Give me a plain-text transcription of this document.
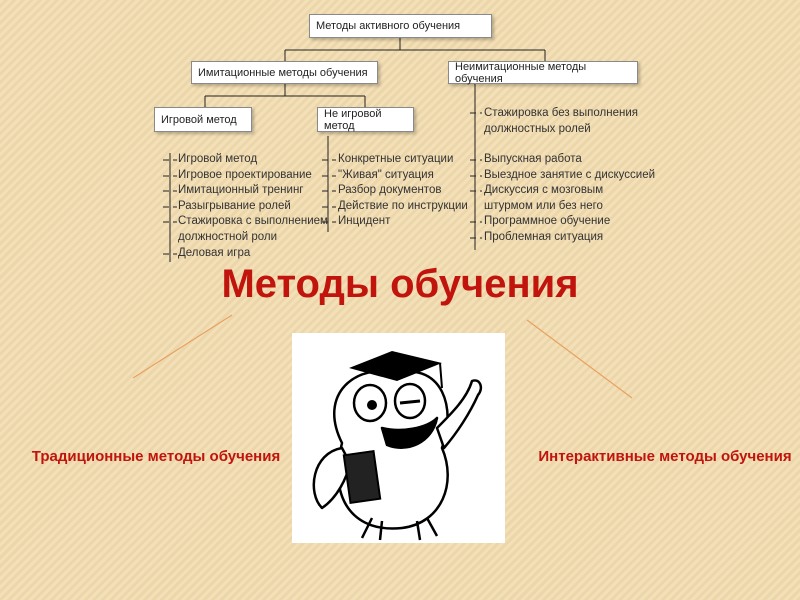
Методы активного обучения
Имитационные методы обучения	Неимитационные методы обучения
Игровой метод	Не игровой метод
Игровой метод
Игровое проектирование
Имитационный тренинг
Разыгрывание ролей
Стажировка с выполнением
должностной роли
Деловая игра
Конкретные ситуации
"Живая" ситуация
Разбор документов
Действие по инструкции
Инцидент
Стажировка без выполнения
должностных ролей
Выпускная работа
Выездное занятие с дискуссией
Дискуссия с мозговым
штурмом или без него
Программное обучение
Проблемная ситуация
Методы обучения
Традиционные методы обучения	Интерактивные методы обучения
